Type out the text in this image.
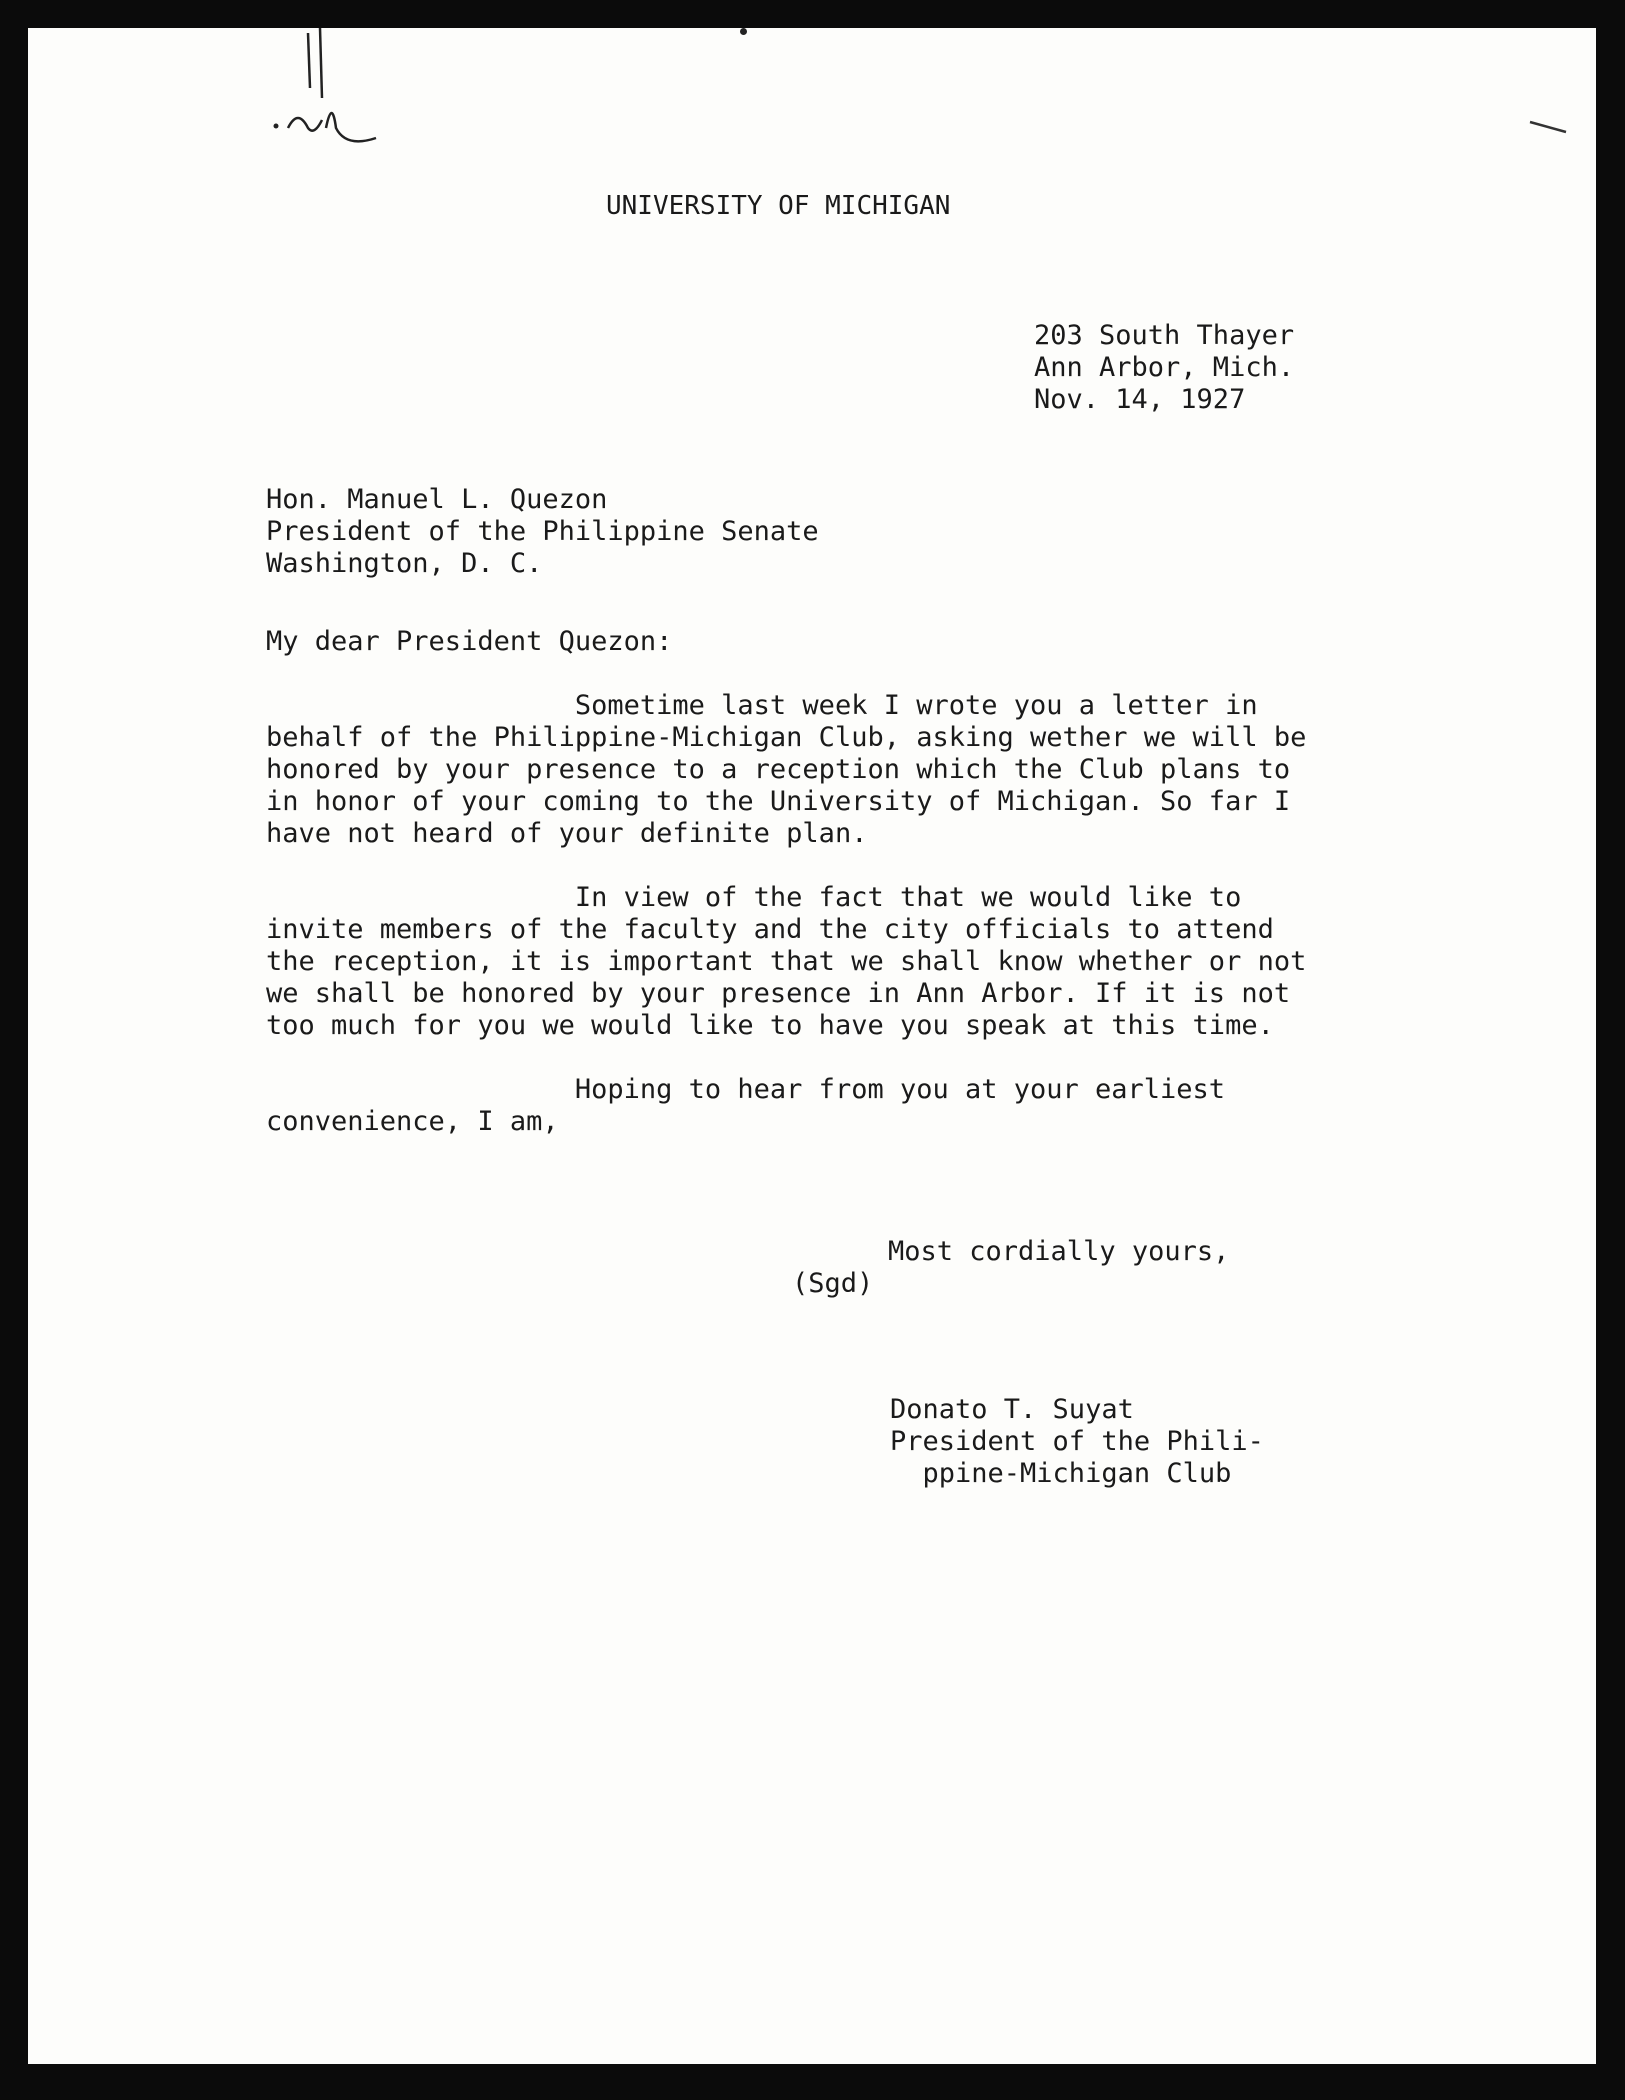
UNIVERSITY OF MICHIGAN
203 South Thayer
Ann Arbor, Mich.
Nov. 14, 1927
Hon. Manuel L. Quezon
President of the Philippine Senate
Washington, D. C.
My dear President Quezon:
Sometime last week I wrote you a letter in
behalf of the Philippine-Michigan Club, asking wether we will be
honored by your presence to a reception which the Club plans to
in honor of your coming to the University of Michigan. So far I
have not heard of your definite plan.
In view of the fact that we would like to
invite members of the faculty and the city officials to attend
the reception, it is important that we shall know whether or not
we shall be honored by your presence in Ann Arbor. If it is not
too much for you we would like to have you speak at this time.
Hoping to hear from you at your earliest
convenience, I am,
Most cordially yours,
(Sgd)
Donato T. Suyat
President of the Phili-
ppine-Michigan Club
